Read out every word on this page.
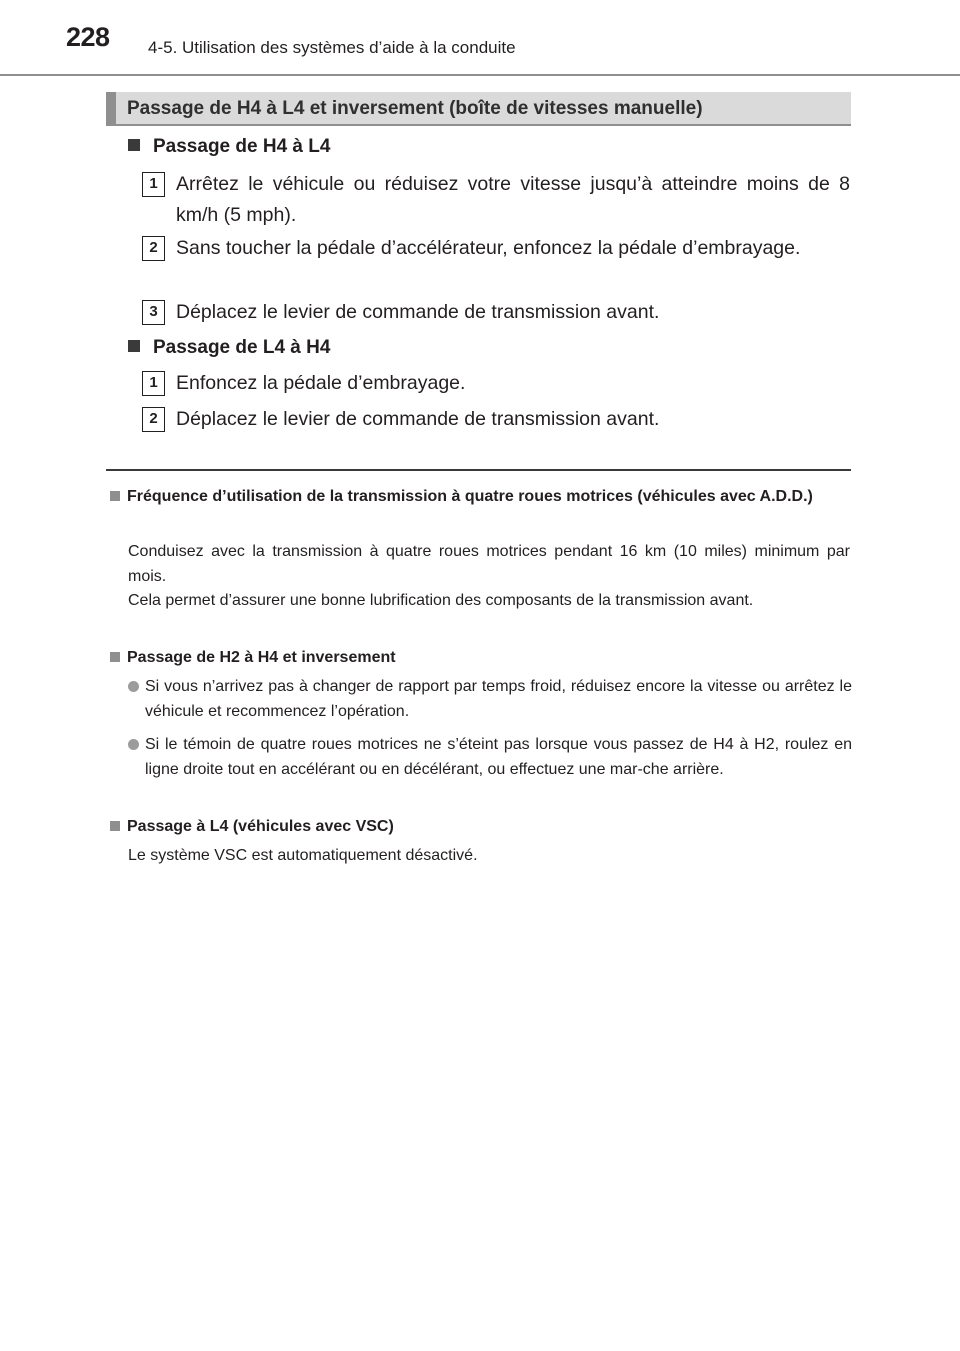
228 4-5. Utilisation des systèmes d’aide à la conduite
Passage de H4 à L4 et inversement (boîte de vitesses manuelle)
Passage de H4 à L4
1 Arrêtez le véhicule ou réduisez votre vitesse jusqu’à atteindre moins de 8 km/h (5 mph).
2 Sans toucher la pédale d’accélérateur, enfoncez la pédale d’embrayage.
3 Déplacez le levier de commande de transmission avant.
Passage de L4 à H4
1 Enfoncez la pédale d’embrayage.
2 Déplacez le levier de commande de transmission avant.
Fréquence d’utilisation de la transmission à quatre roues motrices (véhicules avec A.D.D.)
Conduisez avec la transmission à quatre roues motrices pendant 16 km (10 miles) minimum par mois.
Cela permet d’assurer une bonne lubrification des composants de la transmission avant.
Passage de H2 à H4 et inversement
Si vous n’arrivez pas à changer de rapport par temps froid, réduisez encore la vitesse ou arrêtez le véhicule et recommencez l’opération.
Si le témoin de quatre roues motrices ne s’éteint pas lorsque vous passez de H4 à H2, roulez en ligne droite tout en accélérant ou en décélérant, ou effectuez une mar-che arrière.
Passage à L4 (véhicules avec VSC)
Le système VSC est automatiquement désactivé.
